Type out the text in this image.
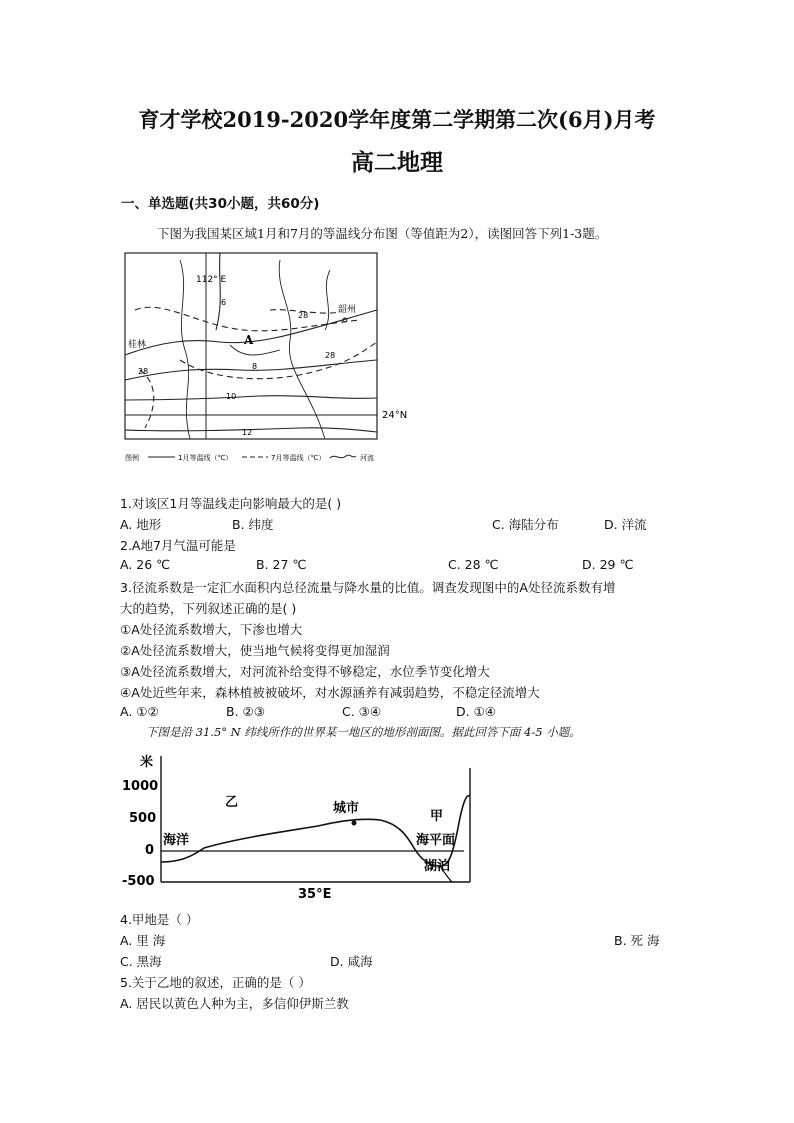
育才学校2019-2020学年度第二学期第二次(6月)月考
高二地理
一、单选题(共30小题，共60分)
下图为我国某区域1月和7月的等温线分布图（等值距为2），读图回答下列1-3题。
112° E
24°N
A
桂林
韶州
6
8
10
12
28
28
28
图例	1月等温线（℃）	7月等温线（℃）	河流
1.对该区1月等温线走向影响最大的是( )
A. 地形	B. 纬度	C. 海陆分布	D. 洋流
2.A地7月气温可能是
A. 26 ℃	B. 27 ℃	C. 28 ℃	D. 29 ℃
3.径流系数是一定汇水面积内总径流量与降水量的比值。调查发现图中的A处径流系数有增
大的趋势，下列叙述正确的是( )
①A处径流系数增大，下渗也增大
②A处径流系数增大，使当地气候将变得更加湿润
③A处径流系数增大，对河流补给变得不够稳定，水位季节变化增大
④A处近些年来，森林植被被破坏，对水源涵养有减弱趋势，不稳定径流增大
A. ①②	B. ②③	C. ③④	D. ①④
下图是沿 31.5° N 纬线所作的世界某一地区的地形剖面图。据此回答下面 4-5 小题。
米
1000
500
0
-500
乙	城市
甲
海洋	海平面
湖泊
35°E
4.甲地是（ ）
A. 里 海	B. 死 海
C. 黑海	D. 咸海
5.关于乙地的叙述，正确的是（ ）
A. 居民以黄色人种为主，多信仰伊斯兰教
